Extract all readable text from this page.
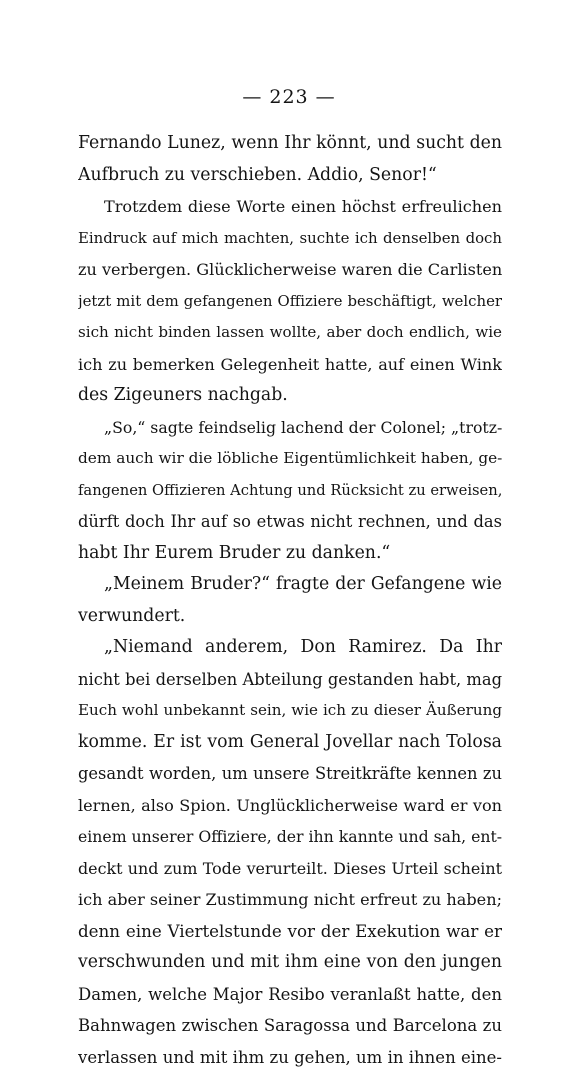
— 223 —
Fernando Lunez, wenn Ihr könnt, und sucht den
Aufbruch zu verschieben. Addio, Senor!“
Trotzdem diese Worte einen höchst erfreulichen
Eindruck auf mich machten, suchte ich denselben doch
zu verbergen. Glücklicherweise waren die Carlisten
jetzt mit dem gefangenen Offiziere beschäftigt, welcher
sich nicht binden lassen wollte, aber doch endlich, wie
ich zu bemerken Gelegenheit hatte, auf einen Wink
des Zigeuners nachgab.
„So,“ sagte feindselig lachend der Colonel; „trotz-
dem auch wir die löbliche Eigentümlichkeit haben, ge-
fangenen Offizieren Achtung und Rücksicht zu erweisen,
dürft doch Ihr auf so etwas nicht rechnen, und das
habt Ihr Eurem Bruder zu danken.“
„Meinem Bruder?“ fragte der Gefangene wie
verwundert.
„Niemand anderem, Don Ramirez. Da Ihr
nicht bei derselben Abteilung gestanden habt, mag
Euch wohl unbekannt sein, wie ich zu dieser Äußerung
komme. Er ist vom General Jovellar nach Tolosa
gesandt worden, um unsere Streitkräfte kennen zu
lernen, also Spion. Unglücklicherweise ward er von
einem unserer Offiziere, der ihn kannte und sah, ent-
deckt und zum Tode verurteilt. Dieses Urteil scheint
ich aber seiner Zustimmung nicht erfreut zu haben;
denn eine Viertelstunde vor der Exekution war er
verschwunden und mit ihm eine von den jungen
Damen, welche Major Resibo veranlaßt hatte, den
Bahnwagen zwischen Saragossa und Barcelona zu
verlassen und mit ihm zu gehen, um in ihnen eine-
